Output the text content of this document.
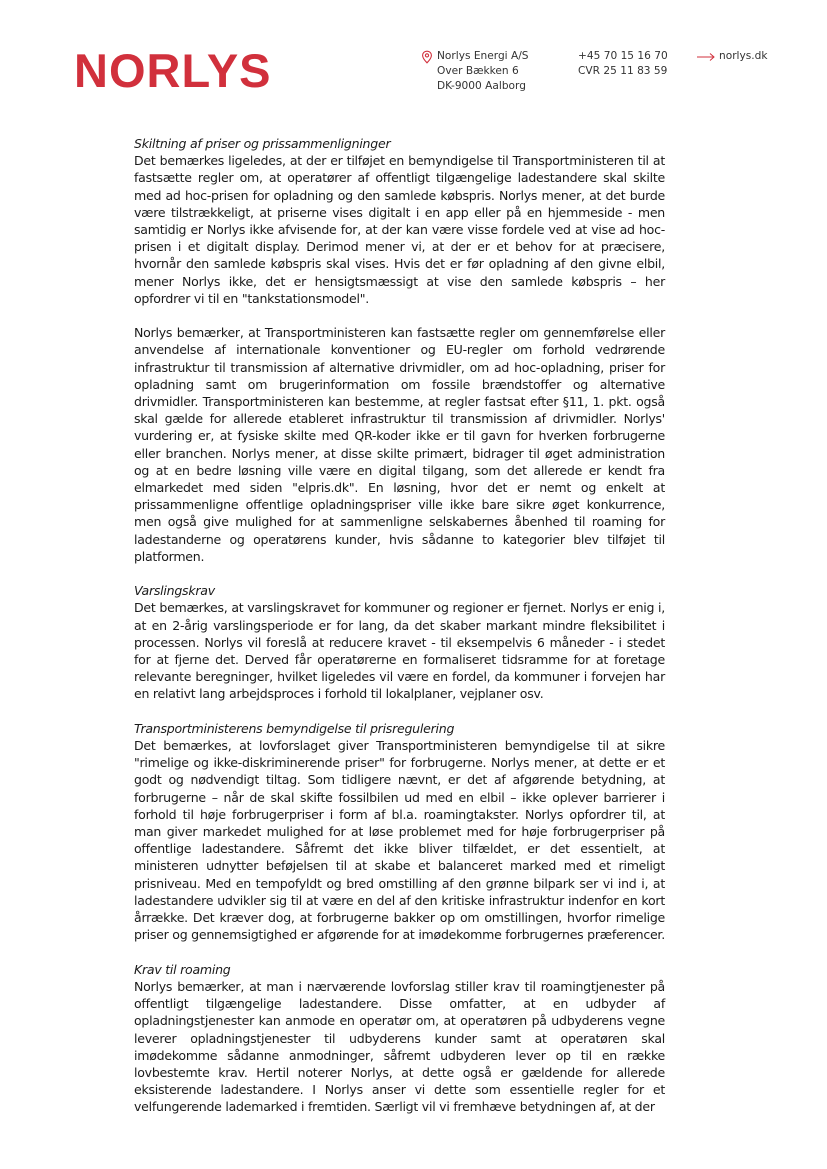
NORLYS	Norlys Energi A/S
Over Bækken 6
DK-9000 Aalborg
+45 70 15 16 70
CVR 25 11 83 59
norlys.dk
Skiltning af priser og prissammenligninger

Det bemærkes ligeledes, at der er tilføjet en bemyndigelse til Transportministeren til at fastsætte regler om, at operatører af offentligt tilgængelige ladestandere skal skilte med ad hoc-prisen for opladning og den samlede købspris. Norlys mener, at det burde være tilstrækkeligt, at priserne vises digitalt i en app eller på en hjemmeside - men samtidig er Norlys ikke afvisende for, at der kan være visse fordele ved at vise ad hoc-prisen i et digitalt display. Derimod mener vi, at der er et behov for at præcisere, hvornår den samlede købspris skal vises. Hvis det er før opladning af den givne elbil, mener Norlys ikke, det er hensigtsmæssigt at vise den samlede købspris – her opfordrer vi til en "tankstationsmodel".

Norlys bemærker, at Transportministeren kan fastsætte regler om gennemførelse eller anvendelse af internationale konventioner og EU-regler om forhold vedrørende infrastruktur til transmission af alternative drivmidler, om ad hoc-opladning, priser for opladning samt om brugerinformation om fossile brændstoffer og alternative drivmidler. Transportministeren kan bestemme, at regler fastsat efter §11, 1. pkt. også skal gælde for allerede etableret infrastruktur til transmission af drivmidler. Norlys' vurdering er, at fysiske skilte med QR-koder ikke er til gavn for hverken forbrugerne eller branchen. Norlys mener, at disse skilte primært, bidrager til øget administration og at en bedre løsning ville være en digital tilgang, som det allerede er kendt fra elmarkedet med siden "elpris.dk". En løsning, hvor det er nemt og enkelt at prissammenligne offentlige opladningspriser ville ikke bare sikre øget konkurrence, men også give mulighed for at sammenligne selskabernes åbenhed til roaming for ladestanderne og operatørens kunder, hvis sådanne to kategorier blev tilføjet til platformen.

Varslingskrav

Det bemærkes, at varslingskravet for kommuner og regioner er fjernet. Norlys er enig i, at en 2-årig varslingsperiode er for lang, da det skaber markant mindre fleksibilitet i processen. Norlys vil foreslå at reducere kravet - til eksempelvis 6 måneder - i stedet for at fjerne det. Derved får operatørerne en formaliseret tidsramme for at foretage relevante beregninger, hvilket ligeledes vil være en fordel, da kommuner i forvejen har en relativt lang arbejdsproces i forhold til lokalplaner, vejplaner osv.

Transportministerens bemyndigelse til prisregulering

Det bemærkes, at lovforslaget giver Transportministeren bemyndigelse til at sikre "rimelige og ikke-diskriminerende priser" for forbrugerne. Norlys mener, at dette er et godt og nødvendigt tiltag. Som tidligere nævnt, er det af afgørende betydning, at forbrugerne – når de skal skifte fossilbilen ud med en elbil – ikke oplever barrierer i forhold til høje forbrugerpriser i form af bl.a. roamingtakster. Norlys opfordrer til, at man giver markedet mulighed for at løse problemet med for høje forbrugerpriser på offentlige ladestandere. Såfremt det ikke bliver tilfældet, er det essentielt, at ministeren udnytter beføjelsen til at skabe et balanceret marked med et rimeligt prisniveau. Med en tempofyldt og bred omstilling af den grønne bilpark ser vi ind i, at ladestandere udvikler sig til at være en del af den kritiske infrastruktur indenfor en kort årrække. Det kræver dog, at forbrugerne bakker op om omstillingen, hvorfor rimelige priser og gennemsigtighed er afgørende for at imødekomme forbrugernes præferencer.

Krav til roaming

Norlys bemærker, at man i nærværende lovforslag stiller krav til roamingtjenester på offentligt tilgængelige ladestandere. Disse omfatter, at en udbyder af opladningstjenester kan anmode en operatør om, at operatøren på udbyderens vegne leverer opladningstjenester til udbyderens kunder samt at operatøren skal imødekomme sådanne anmodninger, såfremt udbyderen lever op til en række lovbestemte krav. Hertil noterer Norlys, at dette også er gældende for allerede eksisterende ladestandere. I Norlys anser vi dette som essentielle regler for et velfungerende lademarked i fremtiden. Særligt vil vi fremhæve betydningen af, at der
